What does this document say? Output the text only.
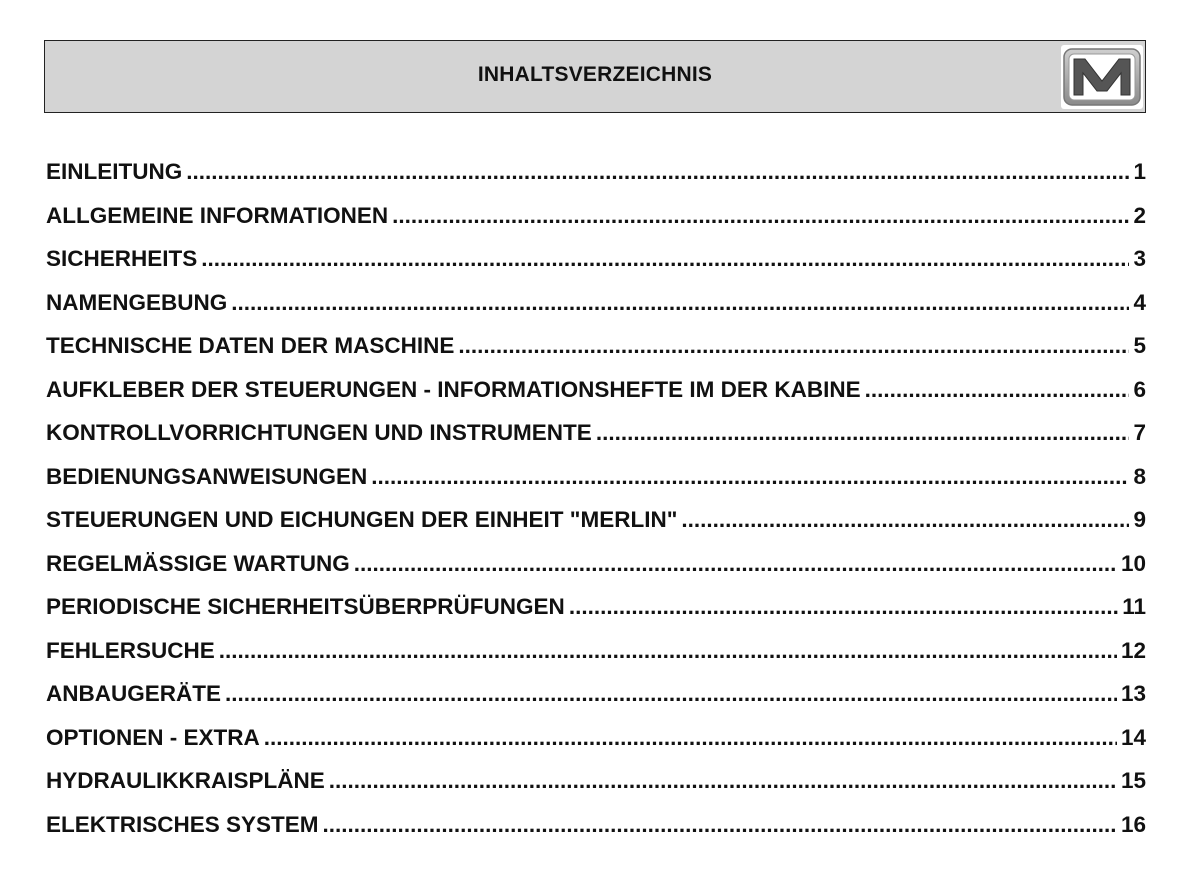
INHALTSVERZEICHNIS
EINLEITUNG .....	1
ALLGEMEINE INFORMATIONEN .....	2
SICHERHEITS .....	3
NAMENGEBUNG .....	4
TECHNISCHE DATEN DER MASCHINE .....	5
AUFKLEBER DER STEUERUNGEN - INFORMATIONSHEFTE IM DER KABINE .....	6
KONTROLLVORRICHTUNGEN UND INSTRUMENTE .....	7
BEDIENUNGSANWEISUNGEN .....	8
STEUERUNGEN UND EICHUNGEN DER EINHEIT "MERLIN" .....	9
REGELMÄSSIGE WARTUNG .....	10
PERIODISCHE SICHERHEITSÜBERPRÜFUNGEN .....	11
FEHLERSUCHE .....	12
ANBAUGERÄTE .....	13
OPTIONEN - EXTRA .....	14
HYDRAULIKKRAISPLÄNE .....	15
ELEKTRISCHES SYSTEM .....	16
